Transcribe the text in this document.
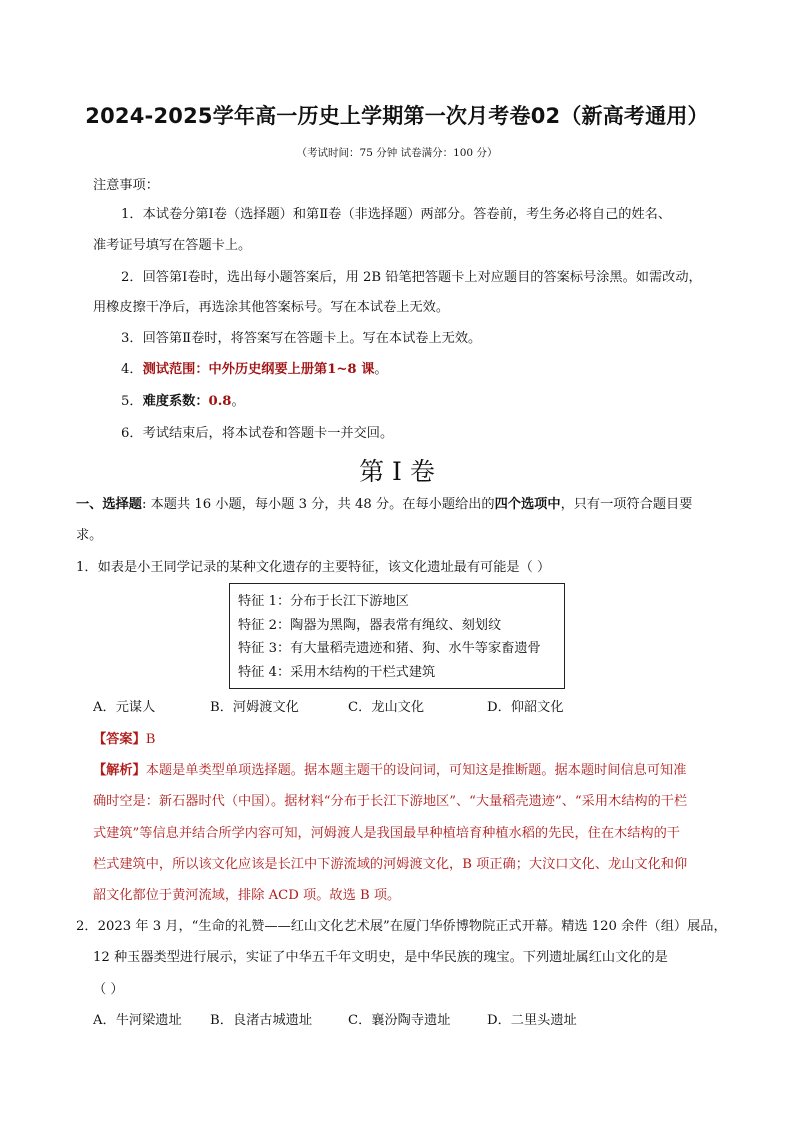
2024-2025学年高一历史上学期第一次月考卷02（新高考通用）
（考试时间：75 分钟 试卷满分：100 分）
注意事项：
1．本试卷分第Ⅰ卷（选择题）和第Ⅱ卷（非选择题）两部分。答卷前，考生务必将自己的姓名、
准考证号填写在答题卡上。
2．回答第Ⅰ卷时，选出每小题答案后，用 2B 铅笔把答题卡上对应题目的答案标号涂黑。如需改动，
用橡皮擦干净后，再选涂其他答案标号。写在本试卷上无效。
3．回答第Ⅱ卷时，将答案写在答题卡上。写在本试卷上无效。
4．测试范围：中外历史纲要上册第1~8 课。
5．难度系数：0.8。
6．考试结束后，将本试卷和答题卡一并交回。
第 I 卷
一、选择题: 本题共 16 小题，每小题 3 分，共 48 分。在每小题给出的四个选项中，只有一项符合题目要
求。
1．如表是小王同学记录的某种文化遗存的主要特征，该文化遗址最有可能是（ ）
特征 1：分布于长江下游地区
特征 2：陶器为黑陶，器表常有绳纹、刻划纹
特征 3：有大量稻壳遗迹和猪、狗、水牛等家畜遗骨
特征 4：采用木结构的干栏式建筑
A．元谋人	B．河姆渡文化	C．龙山文化	D．仰韶文化
【答案】B
【解析】本题是单类型单项选择题。据本题主题干的设问词，可知这是推断题。据本题时间信息可知准
确时空是：新石器时代（中国）。据材料“分布于长江下游地区”、“大量稻壳遗迹”、“采用木结构的干栏
式建筑”等信息并结合所学内容可知，河姆渡人是我国最早种植培育种植水稻的先民，住在木结构的干
栏式建筑中，所以该文化应该是长江中下游流域的河姆渡文化，B 项正确；大汶口文化、龙山文化和仰
韶文化都位于黄河流域，排除 ACD 项。故选 B 项。
2．2023 年 3 月，“生命的礼赞——红山文化艺术展”在厦门华侨博物院正式开幕。精选 120 余件（组）展品，
12 种玉器类型进行展示，实证了中华五千年文明史，是中华民族的瑰宝。下列遗址属红山文化的是
（ ）
A．牛河梁遗址 B．良渚古城遗址	C．襄汾陶寺遗址	D．二里头遗址
